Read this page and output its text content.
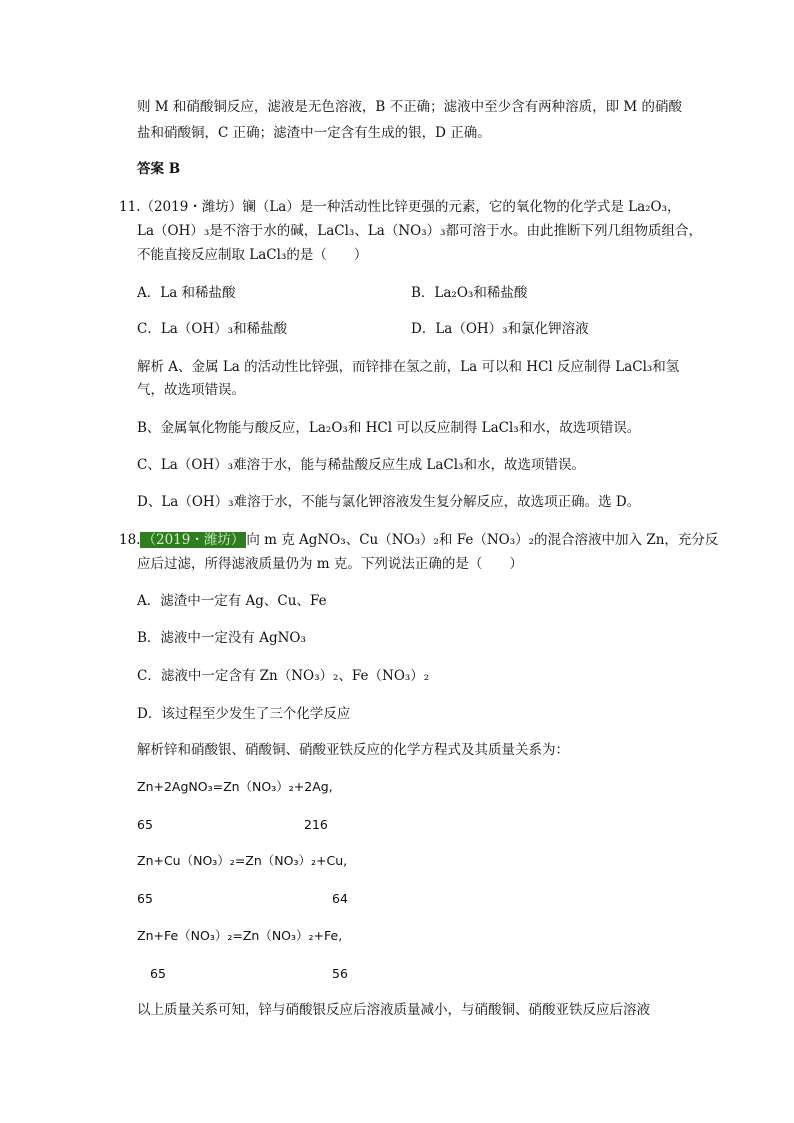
则 M 和硝酸铜反应，滤液是无色溶液，B 不正确；滤液中至少含有两种溶质，即 M 的硝酸
盐和硝酸铜，C 正确；滤渣中一定含有生成的银，D 正确。
答案 B
11.（2019・潍坊）镧（La）是一种活动性比锌更强的元素，它的氧化物的化学式是 La₂O₃，
La（OH）₃是不溶于水的碱，LaCl₃、La（NO₃）₃都可溶于水。由此推断下列几组物质组合，
不能直接反应制取 LaCl₃的是（　　）
A．La 和稀盐酸	B．La₂O₃和稀盐酸
C．La（OH）₃和稀盐酸	D．La（OH）₃和氯化钾溶液
解析 A、金属 La 的活动性比锌强，而锌排在氢之前，La 可以和 HCl 反应制得 LaCl₃和氢
气，故选项错误。
B、金属氧化物能与酸反应，La₂O₃和 HCl 可以反应制得 LaCl₃和水，故选项错误。
C、La（OH）₃难溶于水，能与稀盐酸反应生成 LaCl₃和水，故选项错误。
D、La（OH）₃难溶于水，不能与氯化钾溶液发生复分解反应，故选项正确。选 D。
18. （2019・潍坊） 向 m 克 AgNO₃、Cu（NO₃）₂和 Fe（NO₃）₂的混合溶液中加入 Zn，充分反
应后过滤，所得滤液质量仍为 m 克。下列说法正确的是（　　）
A．滤渣中一定有 Ag、Cu、Fe
B．滤液中一定没有 AgNO₃
C．滤液中一定含有 Zn（NO₃）₂、Fe（NO₃）₂
D．该过程至少发生了三个化学反应
解析锌和硝酸银、硝酸铜、硝酸亚铁反应的化学方程式及其质量关系为：
Zn+2AgNO₃=Zn（NO₃）₂+2Ag,
65	216
Zn+Cu（NO₃）₂=Zn（NO₃）₂+Cu,
65	64
Zn+Fe（NO₃）₂=Zn（NO₃）₂+Fe,
65	56
以上质量关系可知，锌与硝酸银反应后溶液质量减小，与硝酸铜、硝酸亚铁反应后溶液
